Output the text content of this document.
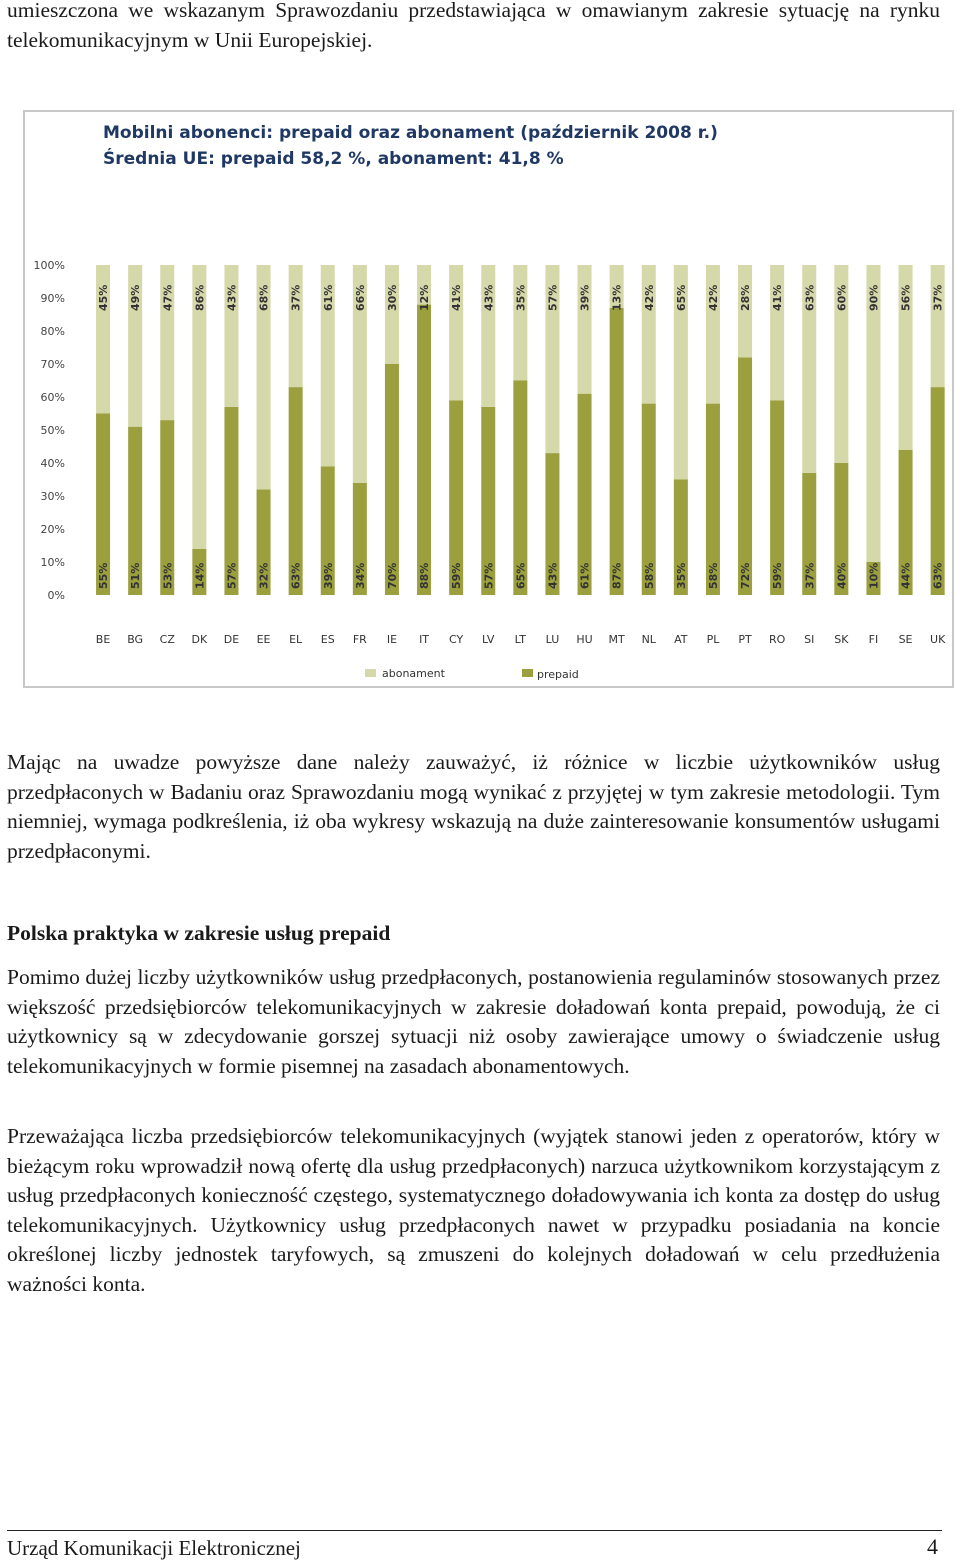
umieszczona we wskazanym Sprawozdaniu przedstawiająca w omawianym zakresie sytuację na rynku telekomunikacyjnym w Unii Europejskiej.

Mobilni abonenci: prepaid oraz abonament (październik 2008 r.)
Średnia UE: prepaid 58,2 %, abonament: 41,8 %
0%
10%
20%
30%
40%
50%
60%
70%
80%
90%
100%
55%
45%
BE
51%
49%
BG
53%
47%
CZ
14%
86%
DK
57%
43%
DE
32%
68%
EE
63%
37%
EL
39%
61%
ES
34%
66%
FR
70%
30%
IE
88%
12%
IT
59%
41%
CY
57%
43%
LV
65%
35%
LT
43%
57%
LU
61%
39%
HU
87%
13%
MT
58%
42%
NL
35%
65%
AT
58%
42%
PL
72%
28%
PT
59%
41%
RO
37%
63%
SI
40%
60%
SK
10%
90%
FI
44%
56%
SE
63%
37%
UK
abonament	prepaid

Mając na uwadze powyższe dane należy zauważyć, iż różnice w liczbie użytkowników usług przedpłaconych w Badaniu oraz Sprawozdaniu mogą wynikać z przyjętej w tym zakresie metodologii. Tym niemniej, wymaga podkreślenia, iż oba wykresy wskazują na duże zainteresowanie konsumentów usługami przedpłaconymi.

Polska praktyka w zakresie usług prepaid

Pomimo dużej liczby użytkowników usług przedpłaconych, postanowienia regulaminów stosowanych przez większość przedsiębiorców telekomunikacyjnych w zakresie doładowań konta prepaid, powodują, że ci użytkownicy są w zdecydowanie gorszej sytuacji niż osoby zawierające umowy o świadczenie usług telekomunikacyjnych w formie pisemnej na zasadach abonamentowych.

Przeważająca liczba przedsiębiorców telekomunikacyjnych (wyjątek stanowi jeden z operatorów, który w bieżącym roku wprowadził nową ofertę dla usług przedpłaconych) narzuca użytkownikom korzystającym z usług przedpłaconych konieczność częstego, systematycznego doładowywania ich konta za dostęp do usług telekomunikacyjnych. Użytkownicy usług przedpłaconych nawet w przypadku posiadania na koncie określonej liczby jednostek taryfowych, są zmuszeni do kolejnych doładowań w celu przedłużenia ważności konta.

Urząd Komunikacji Elektronicznej	4
